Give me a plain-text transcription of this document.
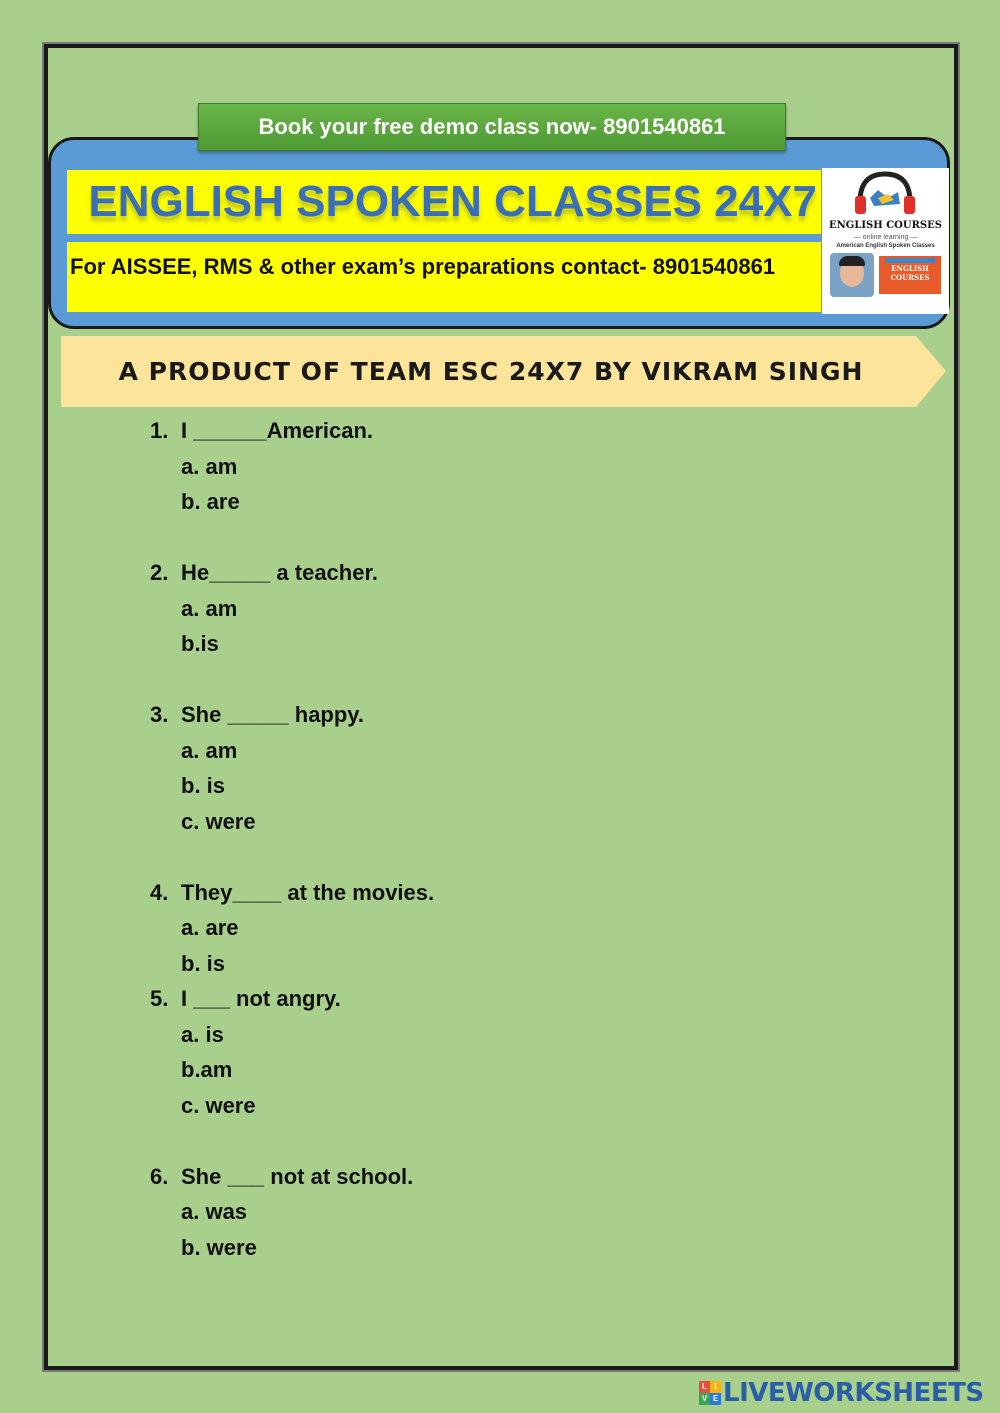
Book your free demo class now- 8901540861
ENGLISH SPOKEN CLASSES 24X7
For AISSEE, RMS & other exam’s preparations contact- 8901540861
ENGLISH COURSES
— online learning —
American English Spoken Classes
ENGLISH COURSES
A PRODUCT OF TEAM ESC 24X7 BY VIKRAM SINGH
1. I ______American.
a. am
b. are
2. He_____ a teacher.
a. am
b.is
3. She _____ happy.
a. am
b. is
c. were
4. They____ at the movies.
a. are
b. is
5. I ___ not angry.
a. is
b.am
c. were
6. She ___ not at school.
a. was
b. were
L I
V E LIVEWORKSHEETS
